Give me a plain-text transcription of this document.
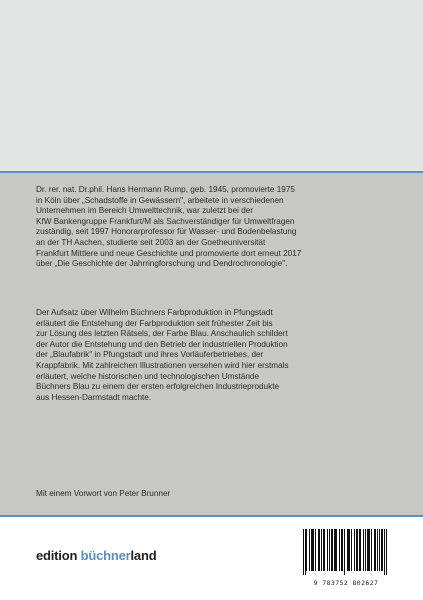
Dr. rer. nat. Dr.phil. Hans Hermann Rump, geb. 1945, promovierte 1975
in Köln über „Schadstoffe in Gewässern", arbeitete in verschiedenen
Unternehmen im Bereich Umwelttechnik, war zuletzt bei der
KfW Bankengruppe Frankfurt/M als Sachverständiger für Umweltfragen
zuständig, seit 1997 Honorarprofessor für Wasser- und Bodenbelastung
an der TH Aachen, studierte seit 2003 an der Goetheuniversität
Frankfurt Mittlere und neue Geschichte und promovierte dort erneut 2017
über „Die Geschichte der Jahrringforschung und Dendrochronologie".
Der Aufsatz über Wilhelm Büchners Farbproduktion in Pfungstadt
erläutert die Entstehung der Farbproduktion seit frühester Zeit bis
zur Lösung des letzten Rätsels, der Farbe Blau. Anschaulich schildert
der Autor die Entstehung und den Betrieb der industriellen Produktion
der „Blaufabrik" in Pfungstadt und ihres Vorläuferbetriebes, der
Krappfabrik. Mit zahlreichen Illustrationen versehen wird hier erstmals
erläutert, welche historischen und technologischen Umstände
Büchners Blau zu einem der ersten erfolgreichen Industrieprodukte
aus Hessen-Darmstadt machte.
Mit einem Vorwort von Peter Brunner
edition büchnerland
9 783752 802627
